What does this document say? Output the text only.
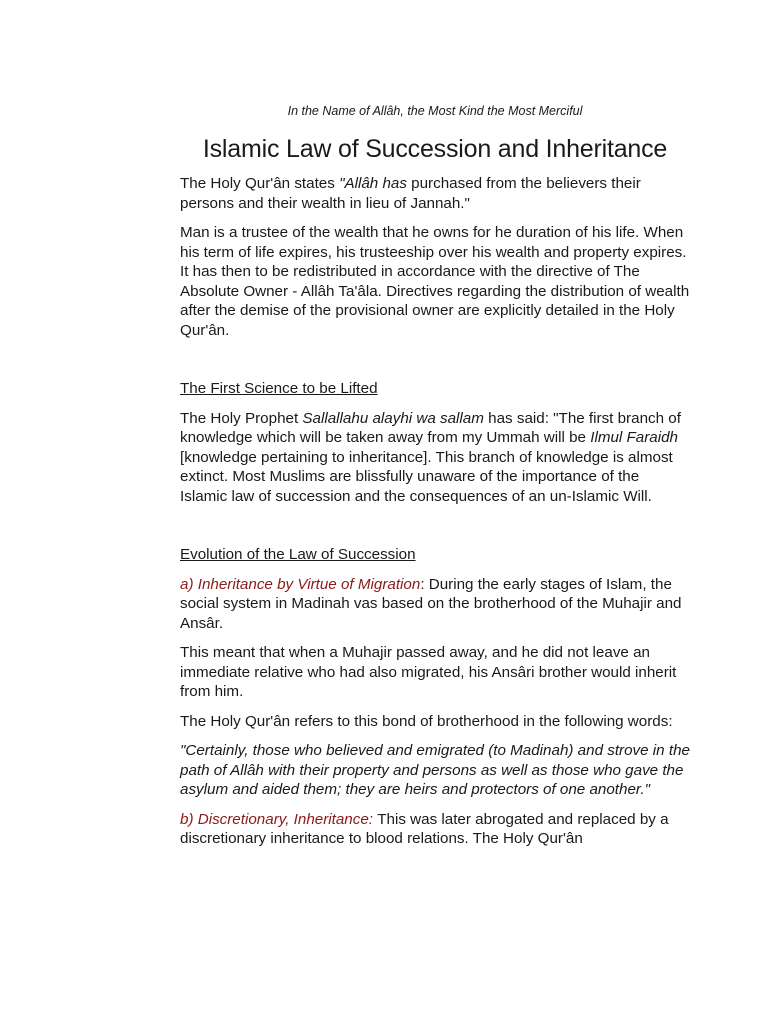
In the Name of Allâh, the Most Kind the Most Merciful
Islamic Law of Succession and Inheritance

The Holy Qur'ân states "Allâh has purchased from the believers their persons and their wealth in lieu of Jannah."

Man is a trustee of the wealth that he owns for he duration of his life. When his term of life expires, his trusteeship over his wealth and property expires. It has then to be redistributed in accordance with the directive of The Absolute Owner - Allâh Ta'âla. Directives regarding the distribution of wealth after the demise of the provisional owner are explicitly detailed in the Holy Qur'ân.

The First Science to be Lifted

The Holy Prophet Sallallahu alayhi wa sallam has said: "The first branch of knowledge which will be taken away from my Ummah will be Ilmul Faraidh [knowledge pertaining to inheritance]. This branch of knowledge is almost extinct. Most Muslims are blissfully unaware of the importance of the Islamic law of succession and the consequences of an un-Islamic Will.

Evolution of the Law of Succession

a) Inheritance by Virtue of Migration: During the early stages of Islam, the social system in Madinah vas based on the brotherhood of the Muhajir and Ansâr.

This meant that when a Muhajir passed away, and he did not leave an immediate relative who had also migrated, his Ansâri brother would inherit from him.

The Holy Qur'ân refers to this bond of brotherhood in the following words:

"Certainly, those who believed and emigrated (to Madinah) and strove in the path of Allâh with their property and persons as well as those who gave the asylum and aided them; they are heirs and protectors of one another."

b) Discretionary, Inheritance: This was later abrogated and replaced by a discretionary inheritance to blood relations. The Holy Qur'ân
